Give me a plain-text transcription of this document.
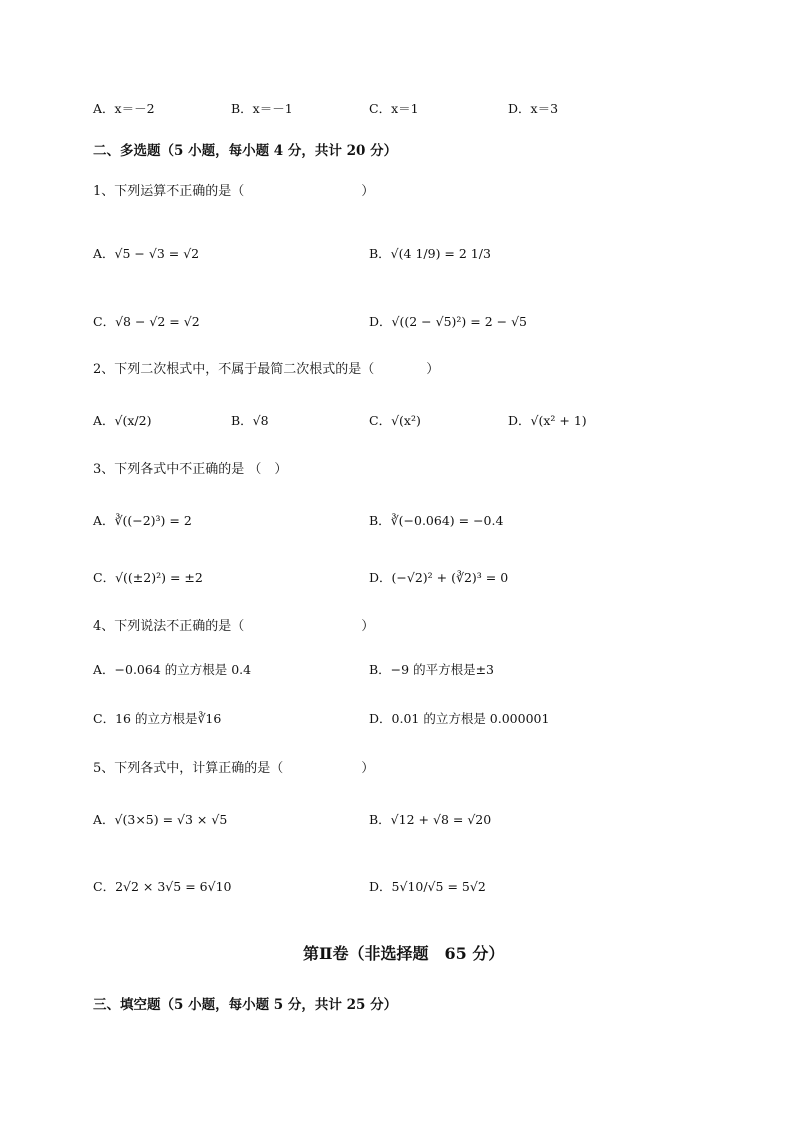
A．x＝－2	B．x＝－1	C．x＝1	D．x＝3
二、多选题（5 小题，每小题 4 分，共计 20 分）
1、下列运算不正确的是（　　　　　　　　　）
A．√5 − √3 = √2	B．√(4 1/9) = 2 1/3
C．√8 − √2 = √2	D．√((2 − √5)²) = 2 − √5
2、下列二次根式中，不属于最简二次根式的是（　　　　）
A．√(x/2)	B．√8	C．√(x²)	D．√(x² + 1)
3、下列各式中不正确的是 （　）
A．∛((−2)³) = 2	B．∛(−0.064) = −0.4
C．√((±2)²) = ±2	D．(−√2)² + (∛2)³ = 0
4、下列说法不正确的是（　　　　　　　　　）
A．−0.064 的立方根是 0.4	B．−9 的平方根是±3
C．16 的立方根是∛16	D．0.01 的立方根是 0.000001
5、下列各式中，计算正确的是（　　　　　　）
A．√(3×5) = √3 × √5	B．√12 + √8 = √20
C．2√2 × 3√5 = 6√10	D．5√10/√5 = 5√2
第Ⅱ卷（非选择题　65 分）
三、填空题（5 小题，每小题 5 分，共计 25 分）
